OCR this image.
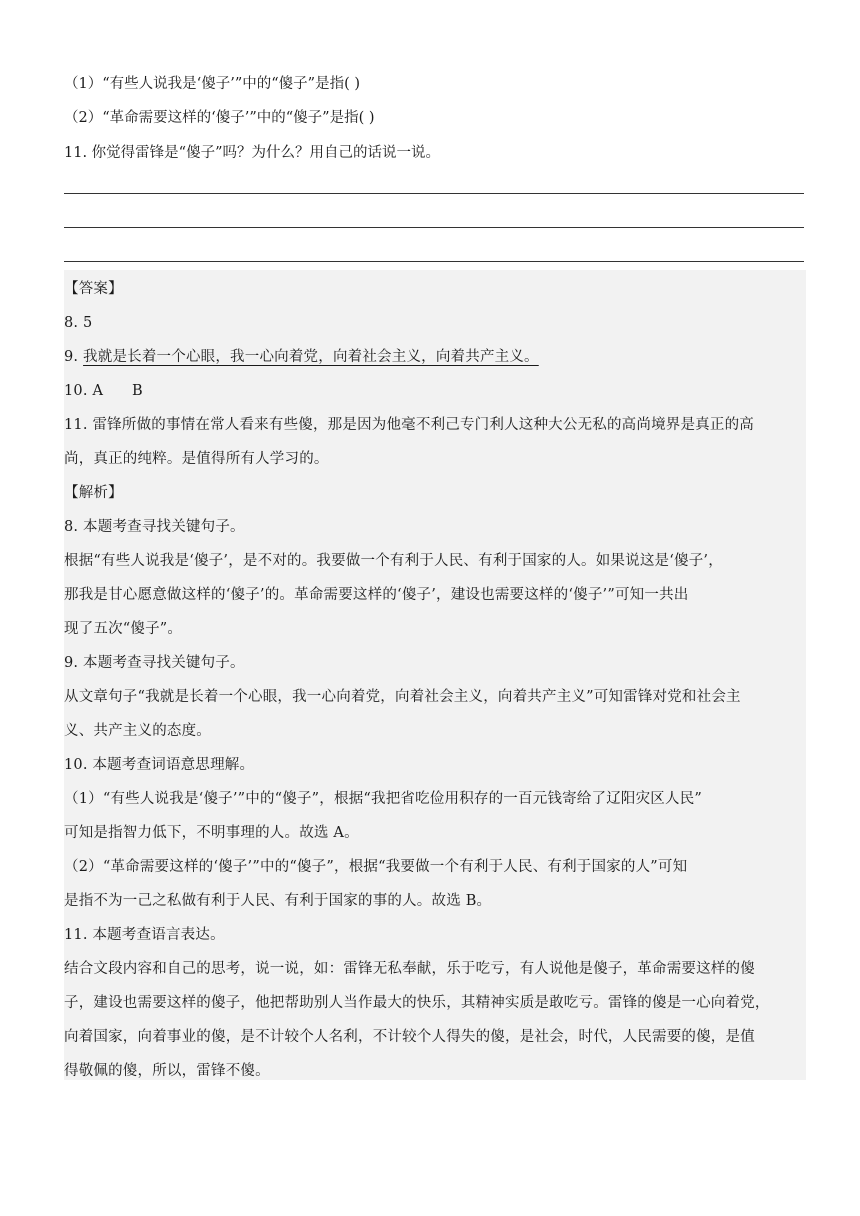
（1）“有些人说我是‘傻子’”中的“傻子”是指( )

（2）“革命需要这样的‘傻子’”中的“傻子”是指( )

11. 你觉得雷锋是“傻子”吗？为什么？用自己的话说一说。

【答案】

8. 5

9. 我就是长着一个心眼，我一心向着党，向着社会主义，向着共产主义。

10. A      B

11. 雷锋所做的事情在常人看来有些傻，那是因为他毫不利己专门利人这种大公无私的高尚境界是真正的高

尚，真正的纯粹。是值得所有人学习的。

【解析】

8. 本题考查寻找关键句子。

根据“有些人说我是‘傻子’，是不对的。我要做一个有利于人民、有利于国家的人。如果说这是‘傻子’，

那我是甘心愿意做这样的‘傻子’的。革命需要这样的‘傻子’，建设也需要这样的‘傻子’”可知一共出

现了五次“傻子”。

9. 本题考查寻找关键句子。

从文章句子“我就是长着一个心眼，我一心向着党，向着社会主义，向着共产主义”可知雷锋对党和社会主

义、共产主义的态度。

10. 本题考查词语意思理解。

（1）“有些人说我是‘傻子’”中的“傻子”，根据“我把省吃俭用积存的一百元钱寄给了辽阳灾区人民”

可知是指智力低下，不明事理的人。故选 A。

（2）“革命需要这样的‘傻子’”中的“傻子”，根据“我要做一个有利于人民、有利于国家的人”可知

是指不为一己之私做有利于人民、有利于国家的事的人。故选 B。

11. 本题考查语言表达。

结合文段内容和自己的思考，说一说，如：雷锋无私奉献，乐于吃亏，有人说他是傻子，革命需要这样的傻

子，建设也需要这样的傻子，他把帮助别人当作最大的快乐，其精神实质是敢吃亏。雷锋的傻是一心向着党，

向着国家，向着事业的傻，是不计较个人名利，不计较个人得失的傻，是社会，时代，人民需要的傻，是值

得敬佩的傻，所以，雷锋不傻。
